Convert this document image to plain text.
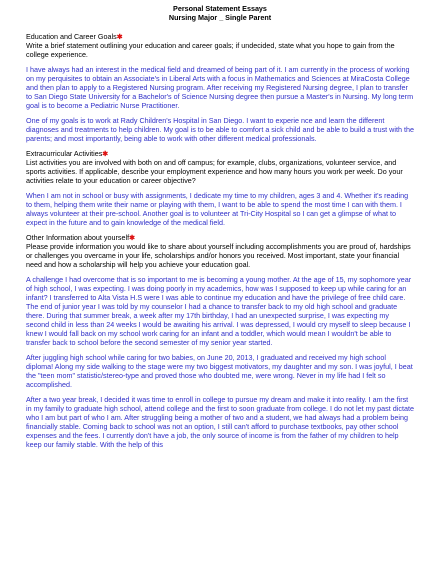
Personal Statement Essays
Nursing Major _ Single Parent
Education and Career Goals✱
Write a brief statement outlining your education and career goals; if undecided, state what you hope to gain from the college experience.
I have always had an interest in the medical field and dreamed of being part of it. I am currently in the process of working on my perquisites to obtain an Associate's in Liberal Arts with a focus in Mathematics and Sciences at MiraCosta College and then plan to apply to a Registered Nursing program. After receiving my Registered Nursing degree, I plan to transfer to San Diego State University for a Bachelor's of Science Nursing degree then pursue a Master's in Nursing. My long term goal is to become a Pediatric Nurse Practitioner.
One of my goals is to work at Rady Children's Hospital in San Diego. I want to experie nce and learn the different diagnoses and treatments to help children. My goal is to be able to comfort a sick child and be able to build a trust with the parents; and most importantly, being able to work with other different medical professionals.
Extracurricular Activities✱
List activities you are involved with both on and off campus; for example, clubs, organizations, volunteer service, and sports activities. If applicable, describe your employment experience and how many hours you work per week. Do your activities relate to your education or career objective?
When I am not in school or busy with assignments, I dedicate my time to my children, ages 3 and 4. Whether it's reading to them, helping them write their name or playing with them, I want to be able to spend the most time I can with them. I always volunteer at their pre-school. Another goal is to volunteer at Tri-City Hospital so I can get a glimpse of what to expect in the future and to gain knowledge of the medical field.
Other Information about yourself✱
Please provide information you would like to share about yourself including accomplishments you are proud of, hardships or challenges you overcame in your life, scholarships and/or honors you received. Most important, state your financial need and how a scholarship will help you achieve your education goal.
A challenge I had overcome that is so important to me is becoming a young mother. At the age of 15, my sophomore year of high school, I was expecting. I was doing poorly in my academics, how was I supposed to keep up while caring for an infant? I transferred to Alta Vista H.S were I was able to continue my education and have the privilege of free child care. The end of junior year I was told by my counselor I had a chance to transfer back to my old high school and graduate there. During that summer break, a week after my 17th birthday, I had an unexpected surprise, I was expecting my second child in less than 24 weeks I would be awaiting his arrival. I was depressed, I would cry myself to sleep because I knew I would fall back on my school work caring for an infant and a toddler, which would mean I wouldn't be able to transfer back to school before the second semester of my senior year started.
After juggling high school while caring for two babies, on June 20, 2013, I graduated and received my high school diploma! Along my side walking to the stage were my two biggest motivators, my daughter and my son. I was joyful, I beat the "teen mom" statistic/stereo-type and proved those who doubted me, were wrong. Never in my life had I felt so accomplished.
After a two year break, I decided it was time to enroll in college to pursue my dream and make it into reality. I am the first in my family to graduate high school, attend college and the first to soon graduate from college. I do not let my past dictate who I am but part of who I am. After struggling being a mother of two and a student, we had always had a problem being financially stable. Coming back to school was not an option, I still can't afford to purchase textbooks, pay other school expenses and the fees. I currently don't have a job, the only source of income is from the father of my children to help keep our family stable. With the help of this
